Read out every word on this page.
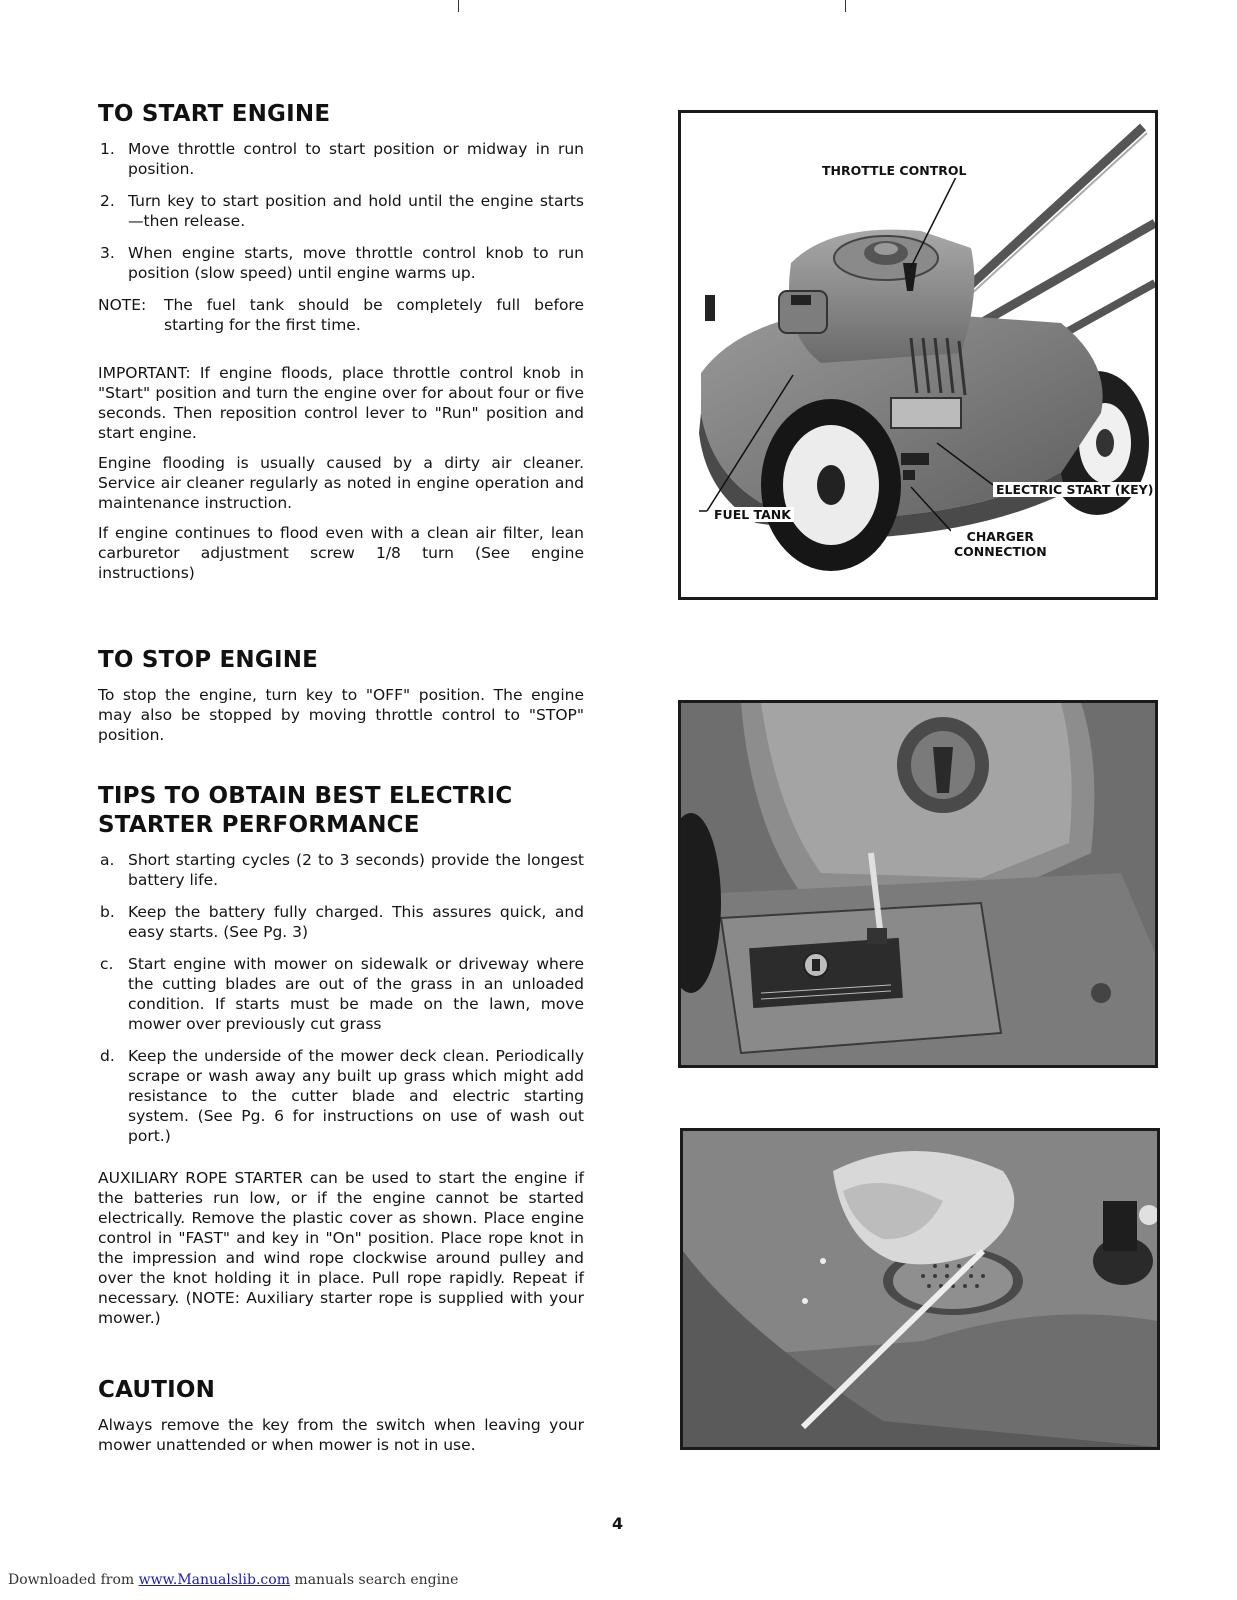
TO START ENGINE
1. Move throttle control to start position or midway in run position.
2. Turn key to start position and hold until the engine starts—then release.
3. When engine starts, move throttle control knob to run position (slow speed) until engine warms up.

NOTE: The fuel tank should be completely full before starting for the first time.

IMPORTANT: If engine floods, place throttle control knob in "Start" position and turn the engine over for about four or five seconds. Then reposition control lever to "Run" position and start engine.

Engine flooding is usually caused by a dirty air cleaner. Service air cleaner regularly as noted in engine operation and maintenance instruction.

If engine continues to flood even with a clean air filter, lean carburetor adjustment screw 1/8 turn (See engine instructions)

TO STOP ENGINE

To stop the engine, turn key to "OFF" position. The engine may also be stopped by moving throttle control to "STOP" position.

TIPS TO OBTAIN BEST ELECTRIC
STARTER PERFORMANCE
a. Short starting cycles (2 to 3 seconds) provide the longest battery life.
b. Keep the battery fully charged. This assures quick, and easy starts. (See Pg. 3)
c. Start engine with mower on sidewalk or driveway where the cutting blades are out of the grass in an unloaded condition. If starts must be made on the lawn, move mower over previously cut grass
d. Keep the underside of the mower deck clean. Periodically scrape or wash away any built up grass which might add resistance to the cutter blade and electric starting system. (See Pg. 6 for instructions on use of wash out port.)

AUXILIARY ROPE STARTER can be used to start the engine if the batteries run low, or if the engine cannot be started electrically. Remove the plastic cover as shown. Place engine control in "FAST" and key in "On" position. Place rope knot in the impression and wind rope clockwise around pulley and over the knot holding it in place. Pull rope rapidly. Repeat if necessary. (NOTE: Auxiliary starter rope is supplied with your mower.)

CAUTION

Always remove the key from the switch when leaving your mower unattended or when mower is not in use.

THROTTLE CONTROL
ELECTRIC START (KEY)
FUEL TANK
CHARGER
CONNECTION
4
Downloaded from www.Manualslib.com manuals search engine
